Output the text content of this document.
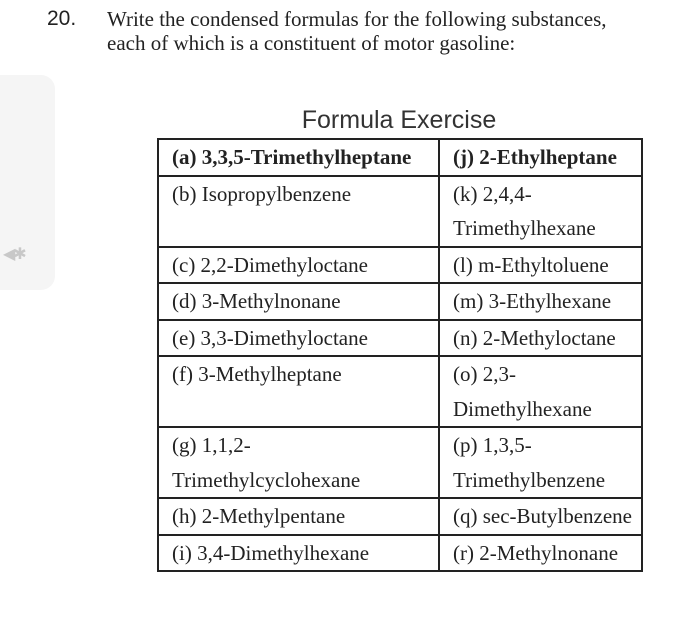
◀✱
20. Write the condensed formulas for the following substances, each of which is a constituent of motor gasoline:
Formula Exercise
(a) 3,3,5-Trimethylheptane	(j) 2-Ethylheptane
(b) Isopropylbenzene	(k) 2,4,4-Trimethylhexane
(c) 2,2-Dimethyloctane	(l) m-Ethyltoluene
(d) 3-Methylnonane	(m) 3-Ethylhexane
(e) 3,3-Dimethyloctane	(n) 2-Methyloctane
(f) 3-Methylheptane	(o) 2,3-Dimethylhexane
(g) 1,1,2-Trimethylcyclohexane	(p) 1,3,5-Trimethylbenzene
(h) 2-Methylpentane	(q) sec-Butylbenzene
(i) 3,4-Dimethylhexane	(r) 2-Methylnonane
